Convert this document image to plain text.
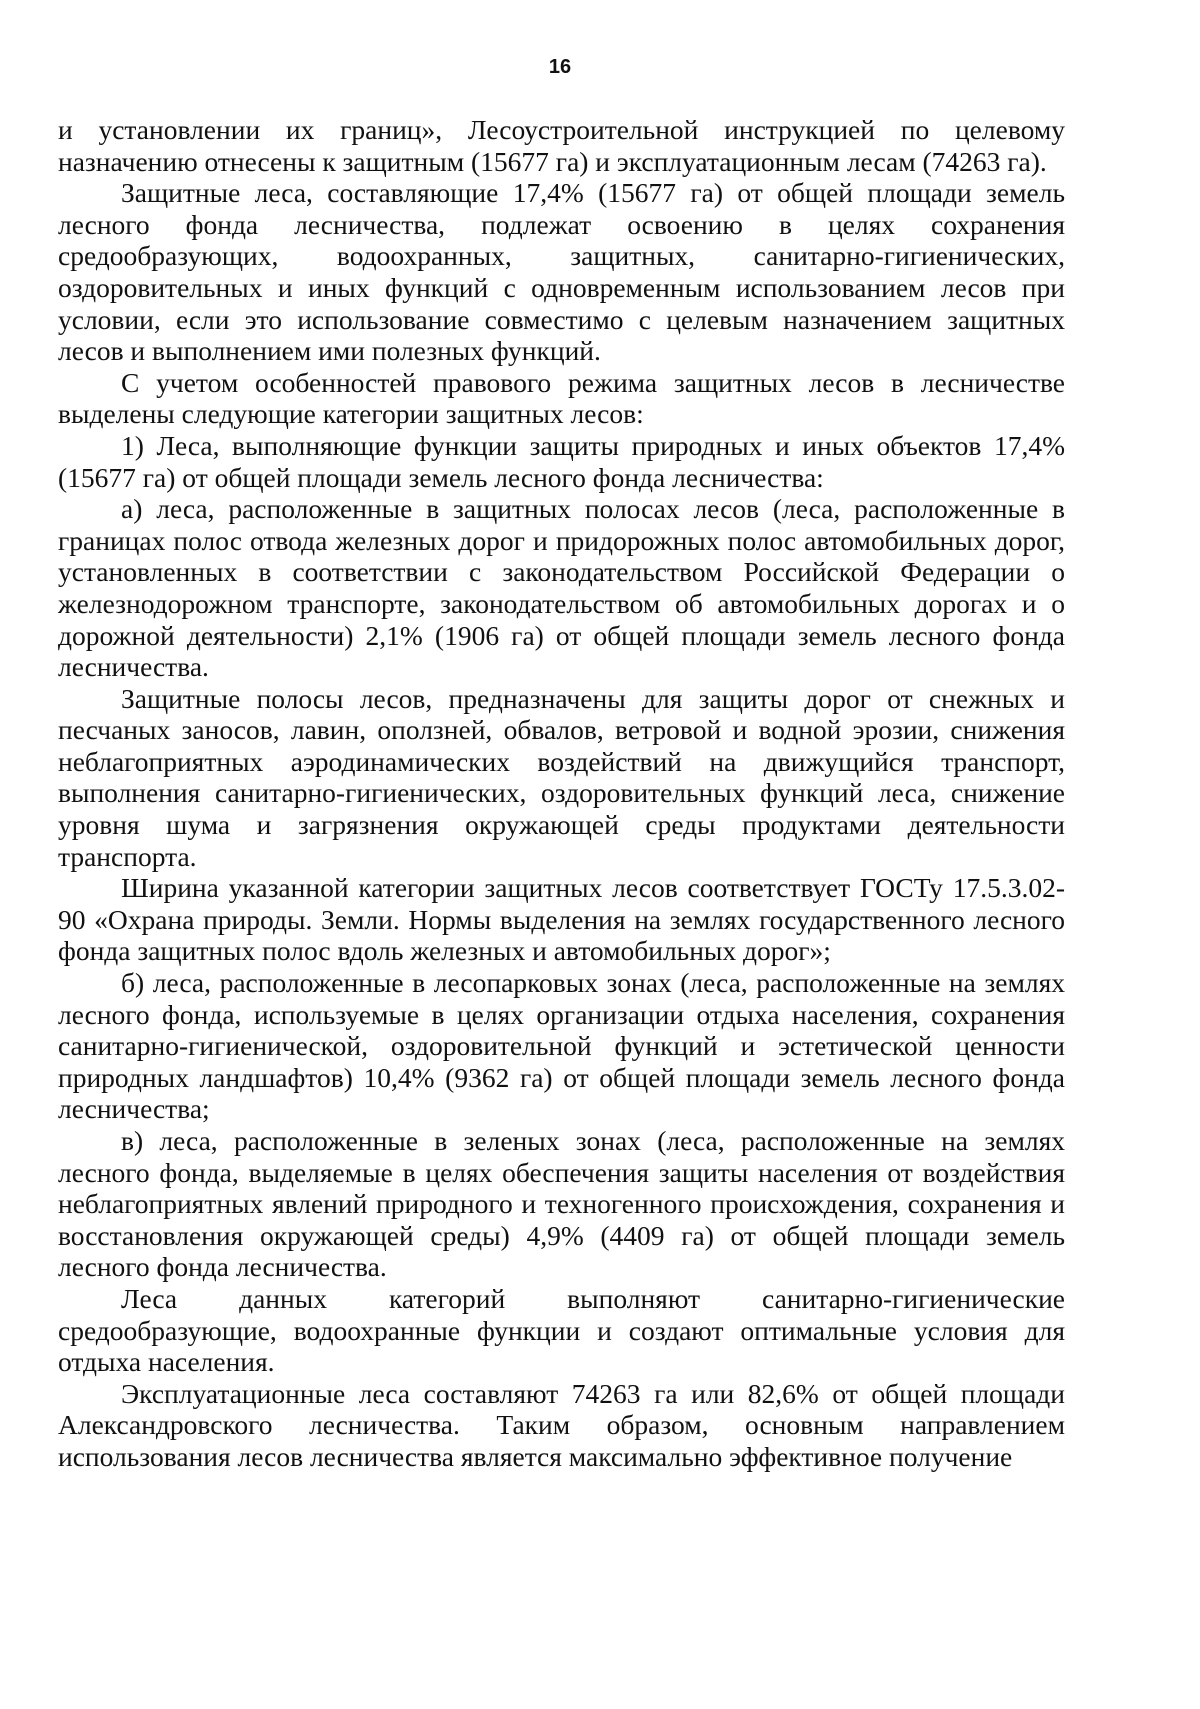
16

и установлении их границ», Лесоустроительной инструкцией по целевому назначению отнесены к защитным (15677 га) и эксплуатационным лесам (74263 га).

Защитные леса, составляющие 17,4% (15677 га) от общей площади земель лесного фонда лесничества, подлежат освоению в целях сохранения средообразующих, водоохранных, защитных, санитарно-гигиенических, оздоровительных и иных функций с одновременным использованием лесов при условии, если это использование совместимо с целевым назначением защитных лесов и выполнением ими полезных функций.

С учетом особенностей правового режима защитных лесов в лесничестве выделены следующие категории защитных лесов:

1) Леса, выполняющие функции защиты природных и иных объектов 17,4% (15677 га) от общей площади земель лесного фонда лесничества:

а) леса, расположенные в защитных полосах лесов (леса, расположенные в границах полос отвода железных дорог и придорожных полос автомобильных дорог, установленных в соответствии с законодательством Российской Федерации о железнодорожном транспорте, законодательством об автомобильных дорогах и о дорожной деятельности) 2,1% (1906 га) от общей площади земель лесного фонда лесничества.

Защитные полосы лесов, предназначены для защиты дорог от снежных и песчаных заносов, лавин, оползней, обвалов, ветровой и водной эрозии, снижения неблагоприятных аэродинамических воздействий на движущийся транспорт, выполнения санитарно-гигиенических, оздоровительных функций леса, снижение уровня шума и загрязнения окружающей среды продуктами деятельности транспорта.

Ширина указанной категории защитных лесов соответствует ГОСТу 17.5.3.02-90 «Охрана природы. Земли. Нормы выделения на землях государственного лесного фонда защитных полос вдоль железных и автомобильных дорог»;

б) леса, расположенные в лесопарковых зонах (леса, расположенные на землях лесного фонда, используемые в целях организации отдыха населения, сохранения санитарно-гигиенической, оздоровительной функций и эстетической ценности природных ландшафтов) 10,4% (9362 га) от общей площади земель лесного фонда лесничества;

в) леса, расположенные в зеленых зонах (леса, расположенные на землях лесного фонда, выделяемые в целях обеспечения защиты населения от воздействия неблагоприятных явлений природного и техногенного происхождения, сохранения и восстановления окружающей среды) 4,9% (4409 га) от общей площади земель лесного фонда лесничества.

Леса данных категорий выполняют санитарно-гигиенические средообразующие, водоохранные функции и создают оптимальные условия для отдыха населения.

Эксплуатационные леса составляют 74263 га или 82,6% от общей площади Александровского лесничества. Таким образом, основным направлением использования лесов лесничества является максимально эффективное получение
